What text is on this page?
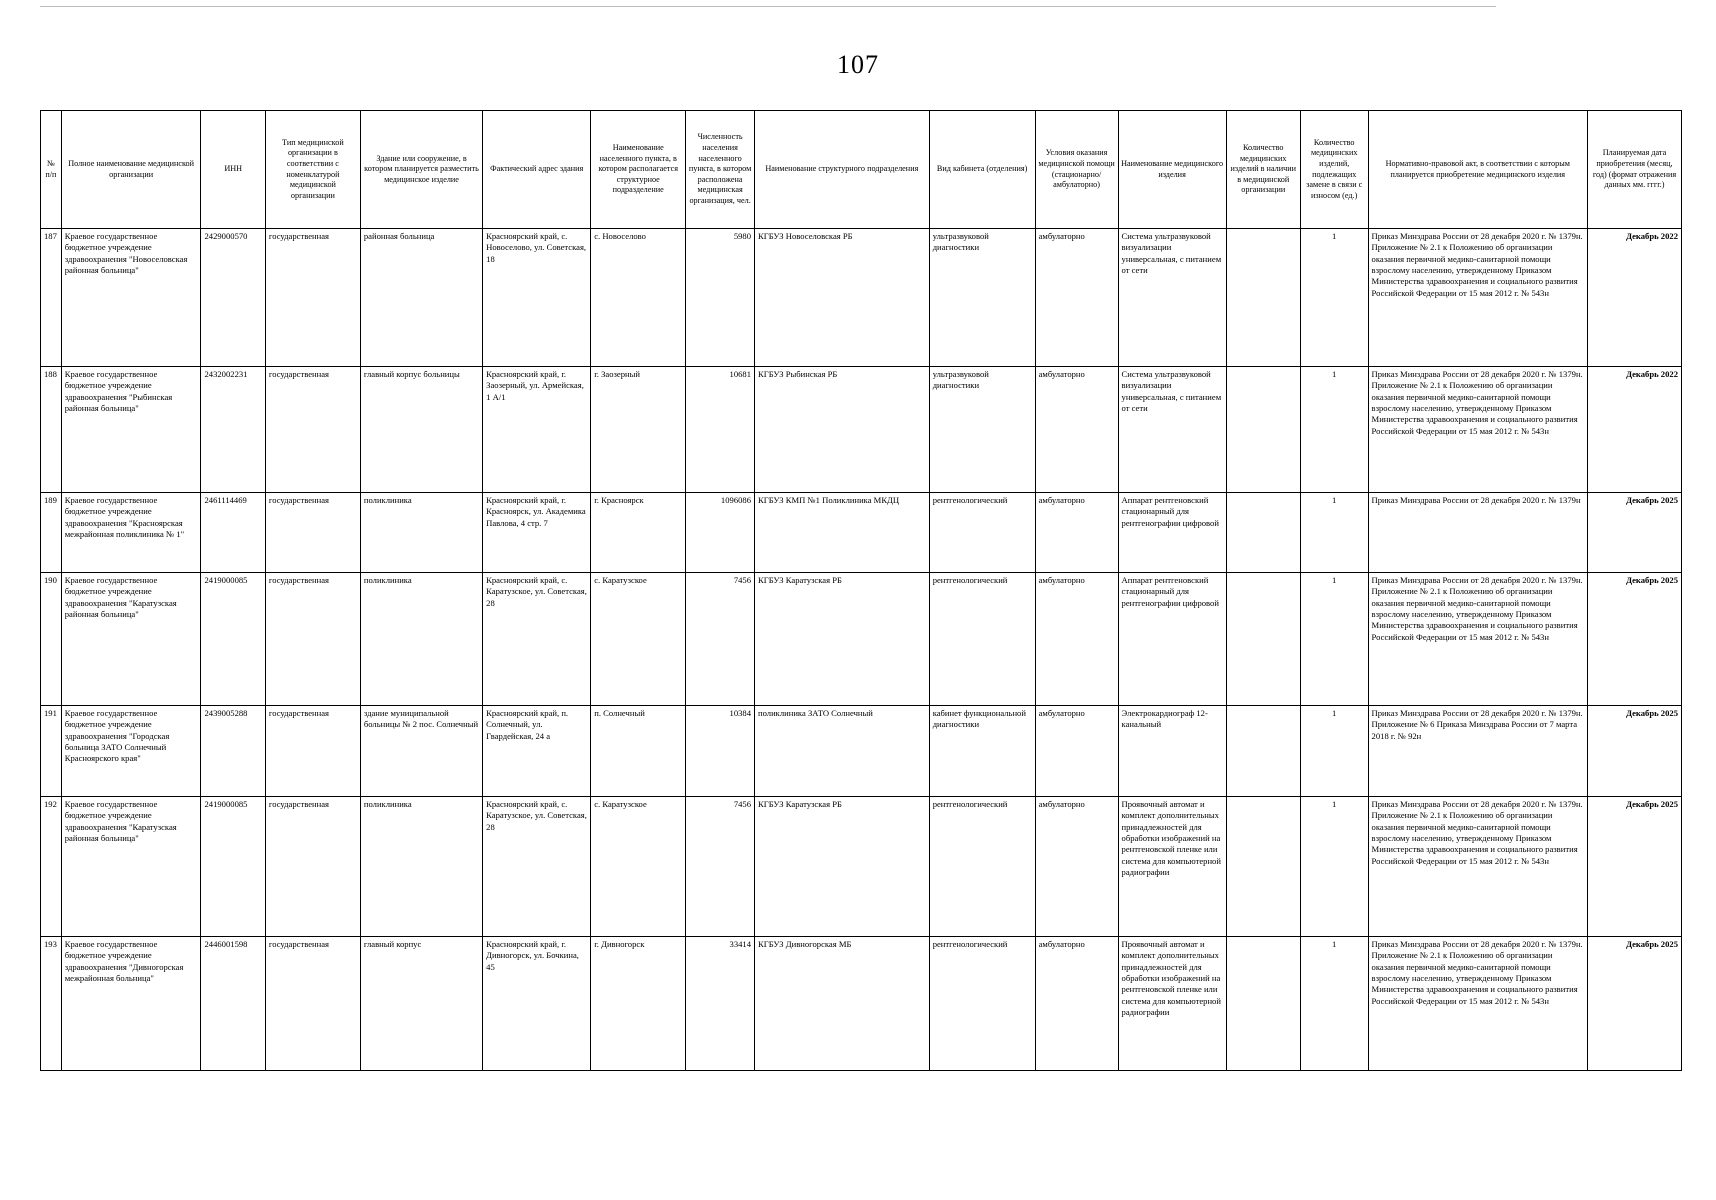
107
№ п/п	Полное наименование медицинской организации	ИНН	Тип медицинской организации в соответствии с номенклатурой медицинской организации	Здание или сооружение, в котором планируется разместить медицинское изделие	Фактический адрес здания	Наименование населенного пункта, в котором располагается структурное подразделение	Численность населения населенного пункта, в котором расположена медицинская организация, чел.	Наименование структурного подразделения	Вид кабинета (отделения)	Условия оказания медицинской помощи (стационарно/ амбулаторно)	Наименование медицинского изделия	Количество медицинских изделий в наличии в медицинской организации	Количество медицинских изделий, подлежащих замене в связи с износом (ед.)	Нормативно-правовой акт, в соответствии с которым планируется приобретение медицинского изделия	Планируемая дата приобретения (месяц, год) (формат отражения данных мм. гггг.)
187	Краевое государственное бюджетное учреждение здравоохранения "Новоселовская районная больница"	2429000570	государственная	районная больница	Красноярский край, с. Новоселово, ул. Советская, 18	с. Новоселово	5980	КГБУЗ Новоселовская РБ	ультразвуковой диагностики	амбулаторно	Система ультразвуковой визуализации универсальная, с питанием от сети		1	Приказ Минздрава России от 28 декабря 2020 г. № 1379н. Приложение № 2.1 к Положению об организации оказания первичной медико-санитарной помощи взрослому населению, утвержденному Приказом Министерства здравоохранения и социального развития Российской Федерации от 15 мая 2012 г. № 543н	Декабрь 2022
188	Краевое государственное бюджетное учреждение здравоохранения "Рыбинская районная больница"	2432002231	государственная	главный корпус больницы	Красноярский край, г. Заозерный, ул. Армейская, 1 А/1	г. Заозерный	10681	КГБУЗ Рыбинская РБ	ультразвуковой диагностики	амбулаторно	Система ультразвуковой визуализации универсальная, с питанием от сети		1	Приказ Минздрава России от 28 декабря 2020 г. № 1379н. Приложение № 2.1 к Положению об организации оказания первичной медико-санитарной помощи взрослому населению, утвержденному Приказом Министерства здравоохранения и социального развития Российской Федерации от 15 мая 2012 г. № 543н	Декабрь 2022
189	Краевое государственное бюджетное учреждение здравоохранения "Красноярская межрайонная поликлиника № 1"	2461114469	государственная	поликлиника	Красноярский край, г. Красноярск, ул. Академика Павлова, 4 стр. 7	г. Красноярск	1096086	КГБУЗ КМП №1 Поликлиника МКДЦ	рентгенологический	амбулаторно	Аппарат рентгеновский стационарный для рентгенографии цифровой		1	Приказ Минздрава России от 28 декабря 2020 г. № 1379н	Декабрь 2025
190	Краевое государственное бюджетное учреждение здравоохранения "Каратузская районная больница"	2419000085	государственная	поликлиника	Красноярский край, с. Каратузское, ул. Советская, 28	с. Каратузское	7456	КГБУЗ Каратузская РБ	рентгенологический	амбулаторно	Аппарат рентгеновский стационарный для рентгенографии цифровой		1	Приказ Минздрава России от 28 декабря 2020 г. № 1379н. Приложение № 2.1 к Положению об организации оказания первичной медико-санитарной помощи взрослому населению, утвержденному Приказом Министерства здравоохранения и социального развития Российской Федерации от 15 мая 2012 г. № 543н	Декабрь 2025
191	Краевое государственное бюджетное учреждение здравоохранения "Городская больница ЗАТО Солнечный Красноярского края"	2439005288	государственная	здание муниципальной больницы № 2 пос. Солнечный	Красноярский край, п. Солнечный, ул. Гвардейская, 24 а	п. Солнечный	10384	поликлиника ЗАТО Солнечный	кабинет функциональной диагностики	амбулаторно	Электрокардиограф 12-канальный		1	Приказ Минздрава России от 28 декабря 2020 г. № 1379н. Приложение № 6 Приказа Минздрава России от 7 марта 2018 г. № 92н	Декабрь 2025
192	Краевое государственное бюджетное учреждение здравоохранения "Каратузская районная больница"	2419000085	государственная	поликлиника	Красноярский край, с. Каратузское, ул. Советская, 28	с. Каратузское	7456	КГБУЗ Каратузская РБ	рентгенологический	амбулаторно	Проявочный автомат и комплект дополнительных принадлежностей для обработки изображений на рентгеновской пленке или система для компьютерной радиографии		1	Приказ Минздрава России от 28 декабря 2020 г. № 1379н. Приложение № 2.1 к Положению об организации оказания первичной медико-санитарной помощи взрослому населению, утвержденному Приказом Министерства здравоохранения и социального развития Российской Федерации от 15 мая 2012 г. № 543н	Декабрь 2025
193	Краевое государственное бюджетное учреждение здравоохранения "Дивногорская межрайонная больница"	2446001598	государственная	главный корпус	Красноярский край, г. Дивногорск, ул. Бочкина, 45	г. Дивногорск	33414	КГБУЗ Дивногорская МБ	рентгенологический	амбулаторно	Проявочный автомат и комплект дополнительных принадлежностей для обработки изображений на рентгеновской пленке или система для компьютерной радиографии		1	Приказ Минздрава России от 28 декабря 2020 г. № 1379н. Приложение № 2.1 к Положению об организации оказания первичной медико-санитарной помощи взрослому населению, утвержденному Приказом Министерства здравоохранения и социального развития Российской Федерации от 15 мая 2012 г. № 543н	Декабрь 2025
